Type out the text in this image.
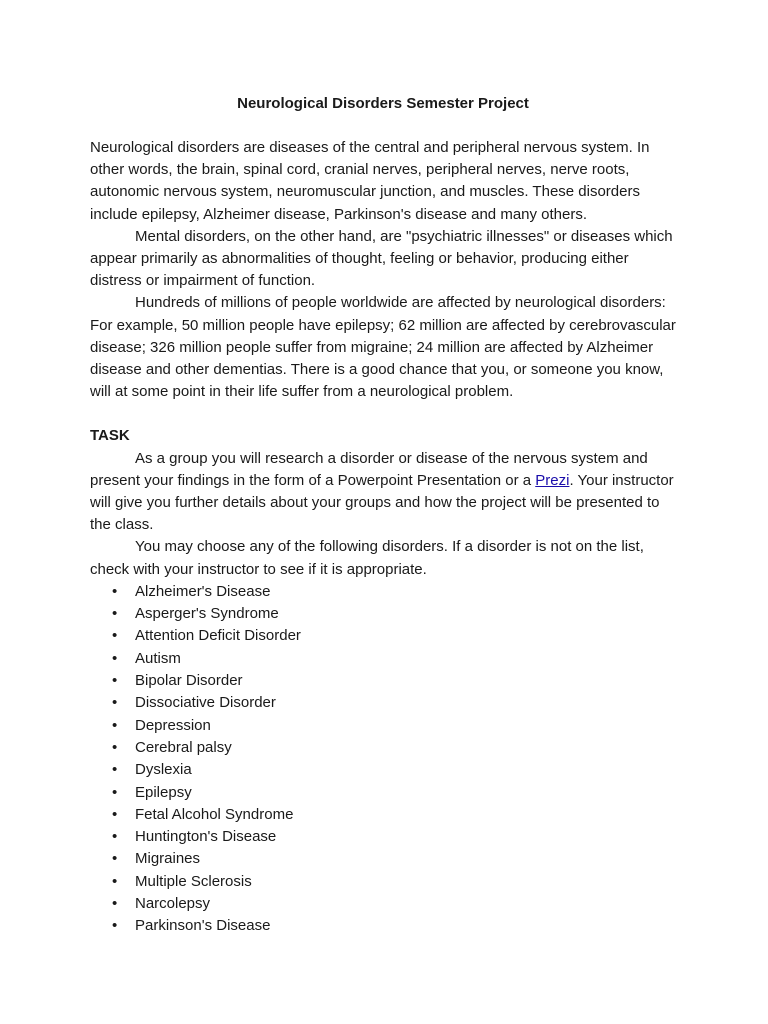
Neurological Disorders Semester Project

Neurological disorders are diseases of the central and peripheral nervous system. In other words, the brain, spinal cord, cranial nerves, peripheral nerves, nerve roots, autonomic nervous system, neuromuscular junction, and muscles. These disorders include epilepsy, Alzheimer disease, Parkinson's disease and many others.

Mental disorders, on the other hand, are "psychiatric illnesses" or diseases which appear primarily as abnormalities of thought, feeling or behavior, producing either distress or impairment of function.

Hundreds of millions of people worldwide are affected by neurological disorders: For example, 50 million people have epilepsy; 62 million are affected by cerebrovascular disease; 326 million people suffer from migraine; 24 million are affected by Alzheimer disease and other dementias. There is a good chance that you, or someone you know, will at some point in their life suffer from a neurological problem.

TASK

As a group you will research a disorder or disease of the nervous system and present your findings in the form of a Powerpoint Presentation or a Prezi. Your instructor will give you further details about your groups and how the project will be presented to the class.

You may choose any of the following disorders. If a disorder is not on the list, check with your instructor to see if it is appropriate.

• Alzheimer's Disease
• Asperger's Syndrome
• Attention Deficit Disorder
• Autism
• Bipolar Disorder
• Dissociative Disorder
• Depression
• Cerebral palsy
• Dyslexia
• Epilepsy
• Fetal Alcohol Syndrome
• Huntington's Disease
• Migraines
• Multiple Sclerosis
• Narcolepsy
• Parkinson's Disease
